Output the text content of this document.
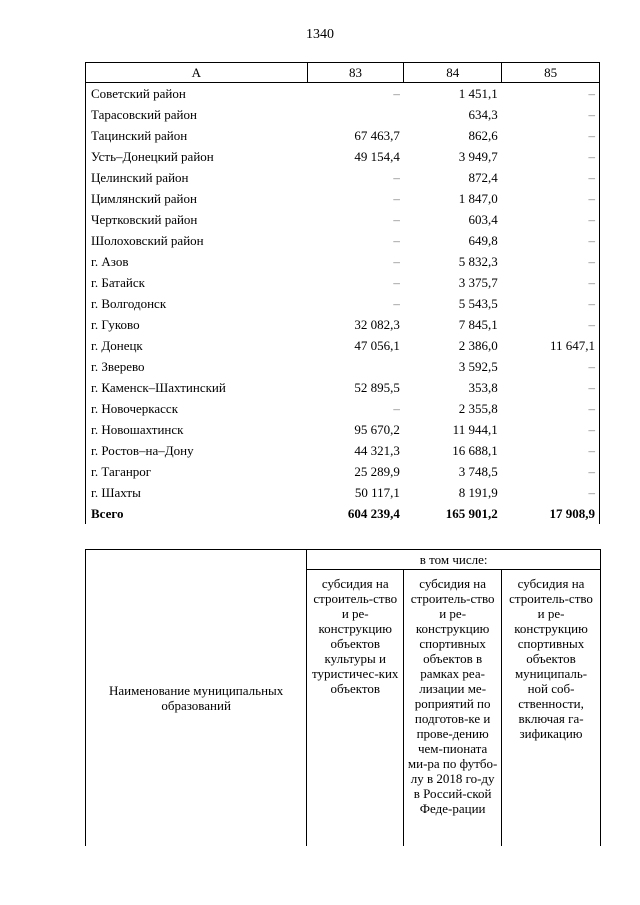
1340
А	83	84	85
Советский район	–	1 451,1	–
Тарасовский район		634,3	–
Тацинский район	67 463,7	862,6	–
Усть–Донецкий район	49 154,4	3 949,7	–
Целинский район	–	872,4	–
Цимлянский район	–	1 847,0	–
Чертковский район	–	603,4	–
Шолоховский район	–	649,8	–
г. Азов	–	5 832,3	–
г. Батайск	–	3 375,7	–
г. Волгодонск	–	5 543,5	–
г. Гуково	32 082,3	7 845,1	–
г. Донецк	47 056,1	2 386,0	11 647,1
г. Зверево		3 592,5	–
г. Каменск–Шахтинский	52 895,5	353,8	–
г. Новочеркасск	–	2 355,8	–
г. Новошахтинск	95 670,2	11 944,1	–
г. Ростов–на–Дону	44 321,3	16 688,1	–
г. Таганрог	25 289,9	3 748,5	–
г. Шахты	50 117,1	8 191,9	–
Всего	604 239,4	165 901,2	17 908,9
Наименование муниципальных образований	в том числе:		
	субсидия на строитель-ство и ре-конструкцию объектов культуры и туристичес-ких объектов	субсидия на строитель-ство и ре-конструкцию спортивных объектов в рамках реа-лизации ме-роприятий по подготов-ке и прове-дению чем-пионата ми-ра по футбо-лу в 2018 го-ду в Россий-ской Феде-рации	субсидия на строитель-ство и ре-конструкцию спортивных объектов муниципаль-ной соб-ственности, включая га-зификацию
